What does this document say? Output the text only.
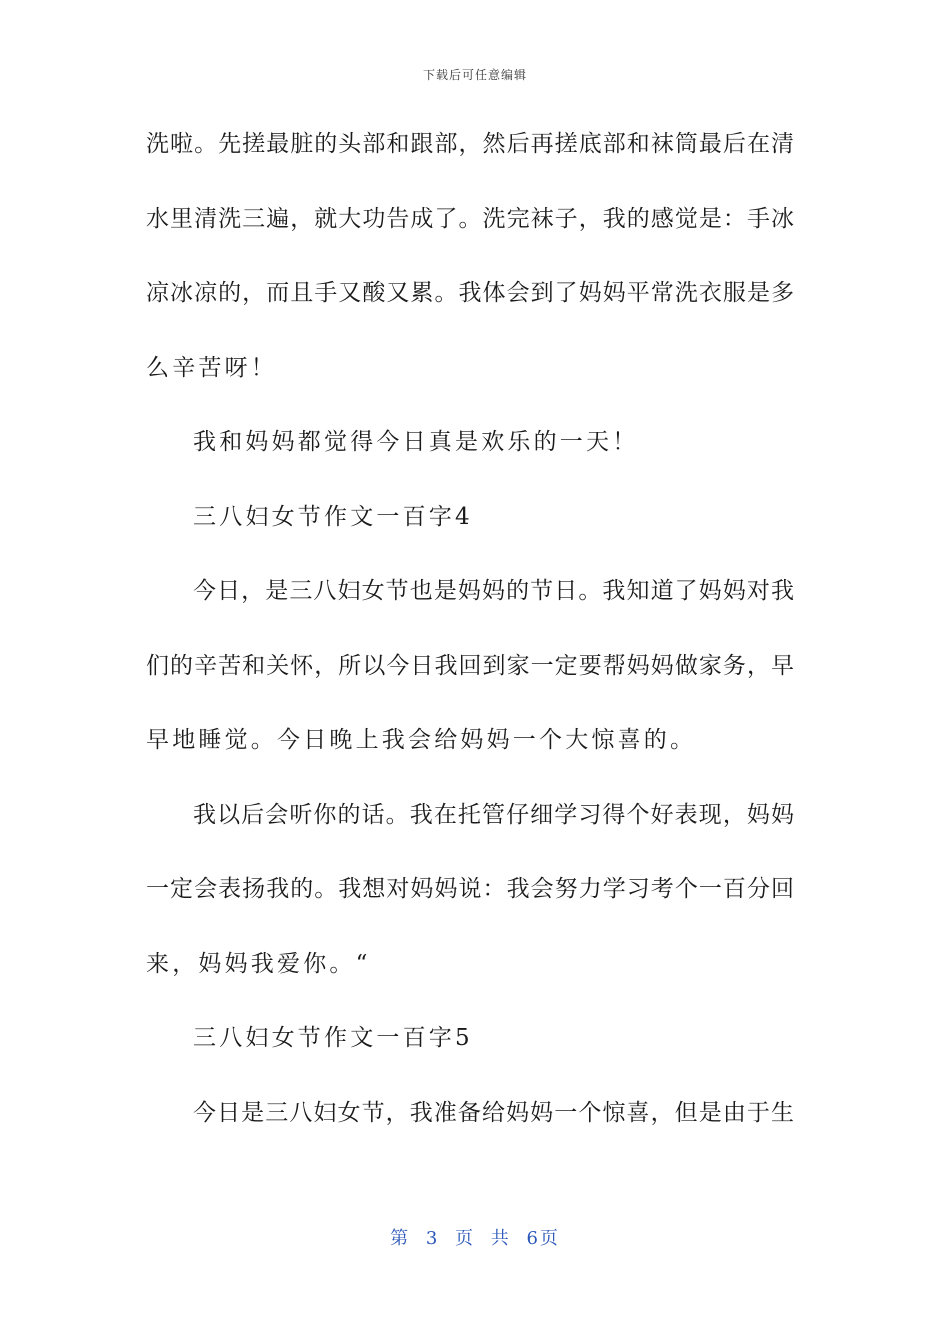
下载后可任意编辑
洗啦。先搓最脏的头部和跟部，然后再搓底部和袜筒最后在清
水里清洗三遍，就大功告成了。洗完袜子，我的感觉是：手冰
凉冰凉的，而且手又酸又累。我体会到了妈妈平常洗衣服是多
么辛苦呀！
我和妈妈都觉得今日真是欢乐的一天！
三八妇女节作文一百字4
今日，是三八妇女节也是妈妈的节日。我知道了妈妈对我
们的辛苦和关怀，所以今日我回到家一定要帮妈妈做家务，早
早地睡觉。今日晚上我会给妈妈一个大惊喜的。
我以后会听你的话。我在托管仔细学习得个好表现，妈妈
一定会表扬我的。我想对妈妈说：我会努力学习考个一百分回
来，妈妈我爱你。“
三八妇女节作文一百字5
今日是三八妇女节，我准备给妈妈一个惊喜，但是由于生
第 3 页 共 6页
